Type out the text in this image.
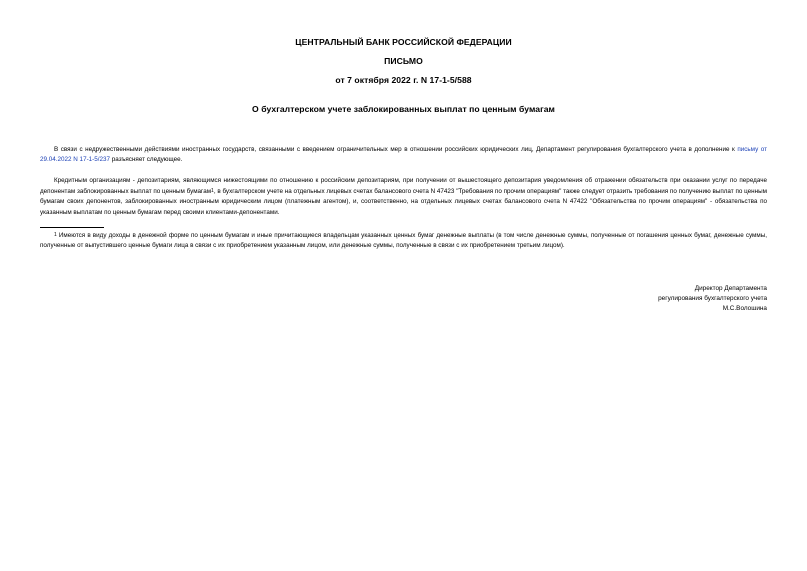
ЦЕНТРАЛЬНЫЙ БАНК РОССИЙСКОЙ ФЕДЕРАЦИИ
ПИСЬМО
от 7 октября 2022 г. N 17-1-5/588
О бухгалтерском учете заблокированных выплат по ценным бумагам
В связи с недружественными действиями иностранных государств, связанными с введением ограничительных мер в отношении российских юридических лиц, Департамент регулирования бухгалтерского учета в дополнение к письму от 29.04.2022 N 17-1-5/237 разъясняет следующее.
Кредитным организациям - депозитариям, являющимся нижестоящими по отношению к российским депозитариям, при получении от вышестоящего депозитария уведомления об отражении обязательств при оказании услуг по передаче депонентам заблокированных выплат по ценным бумагам1, в бухгалтерском учете на отдельных лицевых счетах балансового счета N 47423 "Требования по прочим операциям" также следует отразить требования по получению выплат по ценным бумагам своих депонентов, заблокированных иностранным юридическим лицом (платежным агентом), и, соответственно, на отдельных лицевых счетах балансового счета N 47422 "Обязательства по прочим операциям" - обязательства по указанным выплатам по ценным бумагам перед своими клиентами-депонентами.
1 Имеются в виду доходы в денежной форме по ценным бумагам и иные причитающиеся владельцам указанных ценных бумаг денежные выплаты (в том числе денежные суммы, полученные от погашения ценных бумаг, денежные суммы, полученные от выпустившего ценные бумаги лица в связи с их приобретением указанным лицом, или денежные суммы, полученные в связи с их приобретением третьим лицом).
Директор Департамента
регулирования бухгалтерского учета
М.С.Волошина
